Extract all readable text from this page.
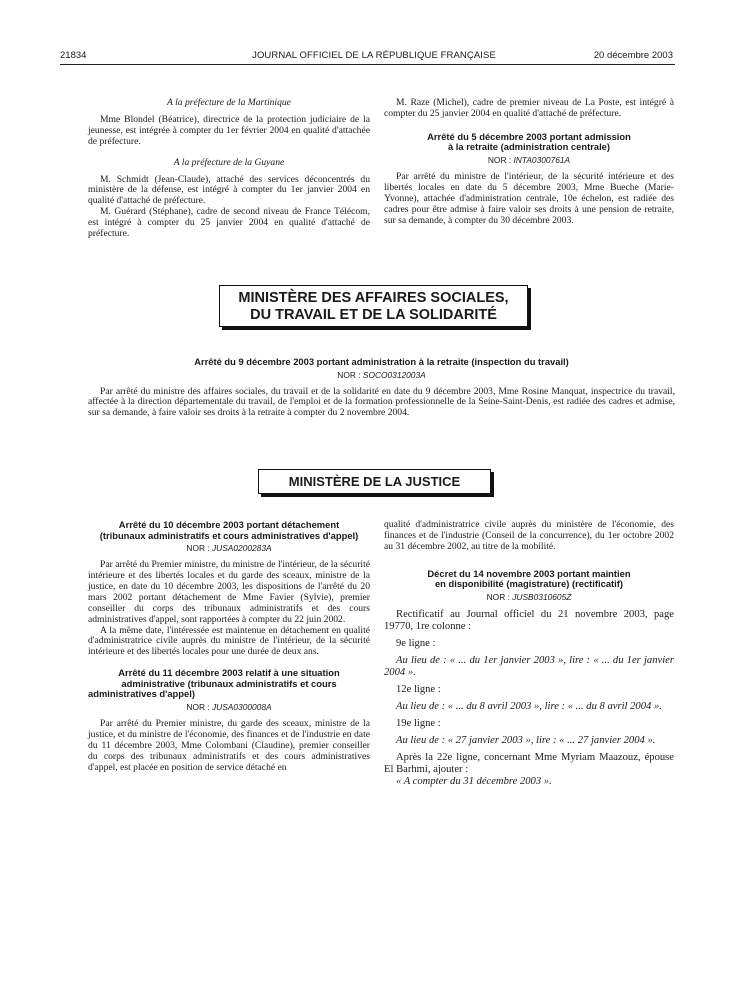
21834	JOURNAL OFFICIEL DE LA RÉPUBLIQUE FRANÇAISE	20 décembre 2003

A la préfecture de la Martinique

Mme Blondel (Béatrice), directrice de la protection judiciaire de la jeunesse, est intégrée à compter du 1er février 2004 en qualité d'attachée de préfecture.

A la préfecture de la Guyane

M. Schmidt (Jean-Claude), attaché des services déconcentrés du ministère de la défense, est intégré à compter du 1er janvier 2004 en qualité d'attaché de préfecture.

M. Guérard (Stéphane), cadre de second niveau de France Télécom, est intégré à compter du 25 janvier 2004 en qualité d'attaché de préfecture.

M. Raze (Michel), cadre de premier niveau de La Poste, est intégré à compter du 25 janvier 2004 en qualité d'attaché de préfecture.

Arrêté du 5 décembre 2003 portant admission

à la retraite (administration centrale)

NOR : INTA0300761A

Par arrêté du ministre de l'intérieur, de la sécurité intérieure et des libertés locales en date du 5 décembre 2003, Mme Bueche (Marie-Yvonne), attachée d'administration centrale, 10e échelon, est radiée des cadres pour être admise à faire valoir ses droits à une pension de retraite, sur sa demande, à compter du 30 décembre 2003.

MINISTÈRE DES AFFAIRES SOCIALES,
DU TRAVAIL ET DE LA SOLIDARITÉ

Arrêté du 9 décembre 2003 portant administration à la retraite (inspection du travail)

NOR : SOCO0312003A

Par arrêté du ministre des affaires sociales, du travail et de la solidarité en date du 9 décembre 2003, Mme Rosine Manquat, inspectrice du travail, affectée à la direction départementale du travail, de l'emploi et de la formation professionnelle de la Seine-Saint-Denis, est radiée des cadres et admise, sur sa demande, à faire valoir ses droits à la retraite à compter du 2 novembre 2004.

MINISTÈRE DE LA JUSTICE

Arrêté du 10 décembre 2003 portant détachement

(tribunaux administratifs et cours administratives d'appel)

NOR : JUSA0200283A

Par arrêté du Premier ministre, du ministre de l'intérieur, de la sécurité intérieure et des libertés locales et du garde des sceaux, ministre de la justice, en date du 10 décembre 2003, les dispositions de l'arrêté du 20 mars 2002 portant détachement de Mme Favier (Sylvie), premier conseiller du corps des tribunaux administratifs et des cours administratives d'appel, sont rapportées à compter du 22 juin 2002.

A la même date, l'intéressée est maintenue en détachement en qualité d'administratrice civile auprès du ministre de l'intérieur, de la sécurité intérieure et des libertés locales pour une durée de deux ans.

Arrêté du 11 décembre 2003 relatif à une situation

administrative (tribunaux administratifs et cours

administratives d'appel)

NOR : JUSA0300008A

Par arrêté du Premier ministre, du garde des sceaux, ministre de la justice, et du ministre de l'économie, des finances et de l'industrie en date du 11 décembre 2003, Mme Colombani (Claudine), premier conseiller du corps des tribunaux administratifs et des cours administratives d'appel, est placée en position de service détaché en

qualité d'administratrice civile auprès du ministère de l'économie, des finances et de l'industrie (Conseil de la concurrence), du 1er octobre 2002 au 31 décembre 2002, au titre de la mobilité.

Décret du 14 novembre 2003 portant maintien

en disponibilité (magistrature) (rectificatif)

NOR : JUSB0310605Z

Rectificatif au Journal officiel du 21 novembre 2003, page 19770, 1re colonne :

9e ligne :

Au lieu de : « ... du 1er janvier 2003 », lire : « ... du 1er janvier 2004 ».

12e ligne :

Au lieu de : « ... du 8 avril 2003 », lire : « ... du 8 avril 2004 ».

19e ligne :

Au lieu de : « 27 janvier 2003 », lire : « ... 27 janvier 2004 ».

Après la 22e ligne, concernant Mme Myriam Maazouz, épouse El Barhmi, ajouter :

« A compter du 31 décembre 2003 ».
